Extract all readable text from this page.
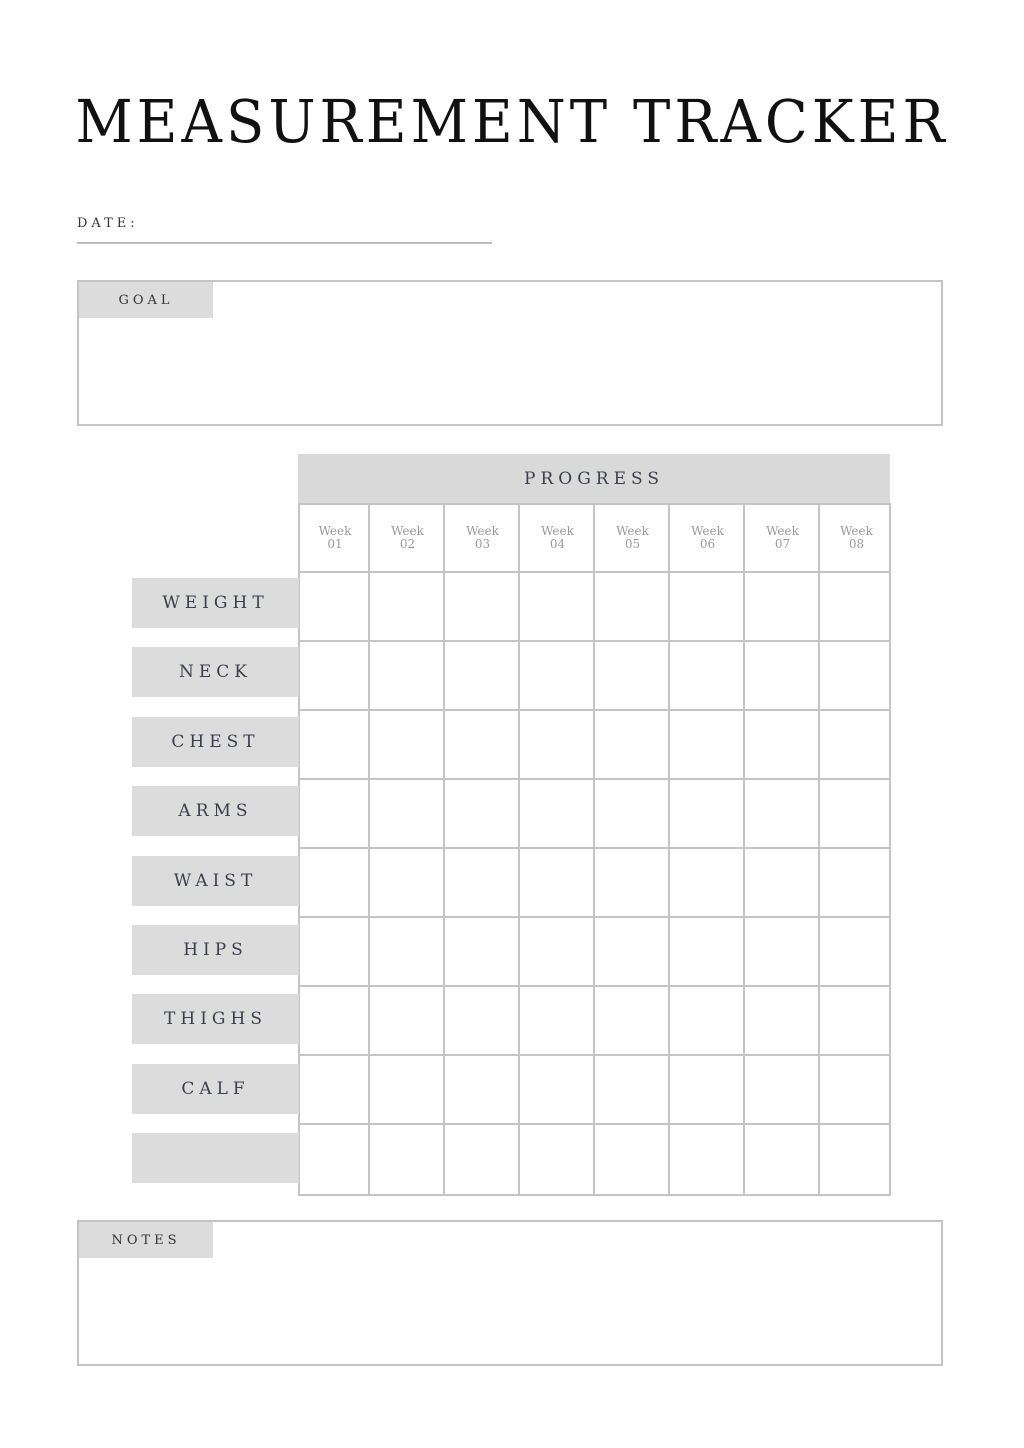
MEASUREMENT TRACKER
DATE:
GOAL
PROGRESS
Week
01
Week
02
Week
03
Week
04
Week
05
Week
06
Week
07
Week
08
WEIGHT
NECK
CHEST
ARMS
WAIST
HIPS
THIGHS
CALF
NOTES
